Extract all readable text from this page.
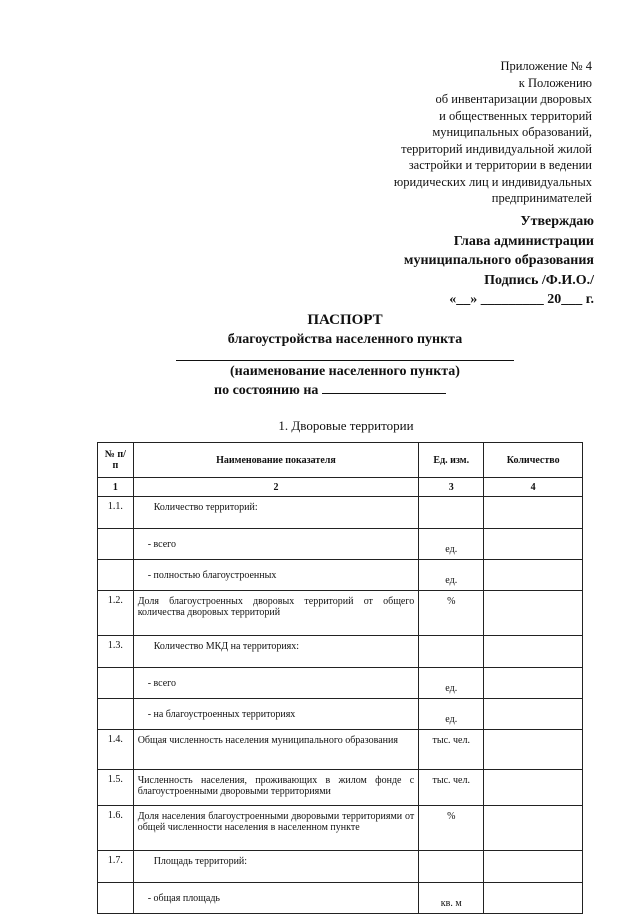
Приложение № 4
к Положению
об инвентаризации дворовых
и общественных территорий
муниципальных образований,
территорий индивидуальной жилой
застройки и территории в ведении
юридических лиц и индивидуальных
предпринимателей
Утверждаю
Глава администрации
муниципального образования
Подпись /Ф.И.О./
«__» _________ 20___ г.
ПАСПОРТ
благоустройства населенного пункта
(наименование населенного пункта)
по состоянию на
1. Дворовые территории
№ п/п	Наименование показателя	Ед. изм.	Количество
1	2	3	4
1.1.	Количество территорий:		
	- всего	ед.	
	- полностью благоустроенных	ед.	
1.2.	Доля благоустроенных дворовых территорий от общего количества дворовых территорий	%	
1.3.	Количество МКД на территориях:		
	- всего	ед.	
	- на благоустроенных территориях	ед.	
1.4.	Общая численность населения муниципального образования	тыс. чел.	
1.5.	Численность населения, проживающих в жилом фонде с благоустроенными дворовыми территориями	тыс. чел.	
1.6.	Доля населения благоустроенными дворовыми территориями от общей численности населения в населенном пункте	%	
1.7.	Площадь территорий:		
	- общая площадь	кв. м	
